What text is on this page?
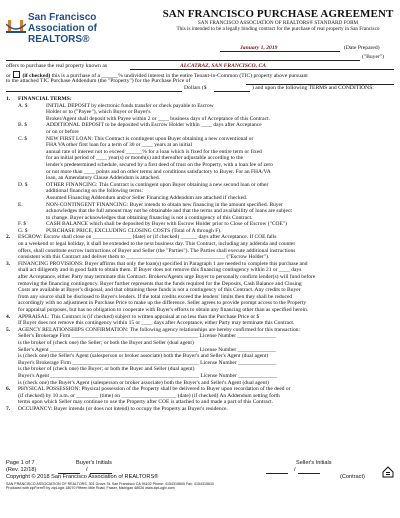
San Francisco
Association of REALTORS®
SAN FRANCISCO PURCHASE AGREEMENT
SAN FRANCISCO ASSOCIATION OF REALTORS® STANDARD FORM
This is intended to be a legally binding contract for the purchase of real property in San Francisco
January 1, 2019	(Date Prepared)
("Buyer")
offers to purchase the real property known as	ALCATRAZ, SAN FRANCISCO, CA
or (if checked) this is a purchase of a ______% undivided interest in the entire Tenant-in-Common (TIC) property above pursuant
to the attached TIC Purchase Addendum (the "Property") for the Purchase Price of
Dollars ($	) and upon the following TERMS and CONDITIONS:
1.	FINANCIAL TERMS:
A. $	INITIAL DEPOSIT by electronic funds transfer or check payable to Escrow
Holder or to ("Payee"), which Buyer or Buyer's
Broker/Agent shall deposit with Payee within 2 or ____ business days of Acceptance of this Contract.
B. $	ADDITIONAL DEPOSIT to be deposited with Escrow Holder within ____ days after Acceptance
or on or before
C. $	NEW FIRST LOAN: This Contract is contingent upon Buyer obtaining a new conventional or
FHA VA other first loan for a term of 30 or ____ years at an initial
annual rate of interest not to exceed ______% for a loan which is fixed for the entire term or fixed
for an initial period of ____ year(s) or month(s) and thereafter adjustable according to the
lender's predetermined schedule, secured by a first deed of trust on the Property, with a loan fee of zero
or not more than ____ points and on other terms and conditions satisfactory to Buyer. For an FHA/VA
loan, an Amendatory Clause Addendum is attached.
D. $	OTHER FINANCING: This Contract is contingent upon Buyer obtaining a new second loan or other
additional financing on the following terms:
Assumed Financing Addendum and/or Seller Financing Addendum are attached if checked.
E.	NON-CONTINGENT FINANCING: Buyer intends to obtain new financing in the amount specified. Buyer
acknowledges that the full amount may not be obtainable and that the terms and availability of loans are subject
to change. Buyer acknowledges that obtaining financing is not a contingency of this Contract.
F. $	CASH BALANCE which shall be deposited by Buyer with Escrow Holder prior to Close of Escrow ("COE")
G. $	PURCHASE PRICE, EXCLUDING CLOSING COSTS (Total of A through F).
2.	ESCROW: Escrow shall close on ______________ (date) or (if checked) ______ days after Acceptance. If COE falls
on a weekend or legal holiday, it shall be extended to the next business day. This Contract, including any addenda and counter
offers, shall constitute escrow instructions of Buyer and Seller (the "Parties"). The Parties shall execute additional instructions
consistent with this Contract and deliver them to ____________________________________ ("Escrow Holder").
3.	FINANCING PROVISIONS: Buyer affirms that only the loan(s) specified in Paragraph 1 are needed to complete this purchase and
shall act diligently and in good faith to obtain them. If Buyer does not remove this financing contingency within 21 or ____ days
after Acceptance, either Party may terminate this Contract. Brokers/Agents urge Buyer to personally confirm lender(s) will fund before
removing the financing contingency. Buyer further represents that the funds required for the Deposits, Cash Balance and Closing
Costs are available at Buyer's disposal, and that obtaining these funds is not a contingency of this Contract. Any credits to Buyer
from any source shall be disclosed to Buyer's lenders. If the total credits exceed the lenders' limits then they shall be reduced
accordingly with no adjustment in Purchase Price to make up the difference. Seller agrees to provide prompt access to the Property
for appraisal purposes, but has no obligation to cooperate with Buyer's efforts to obtain any financing other than as specified herein.
4.	APPRAISAL: This Contract is (if checked) subject to written appraisal at no less than the Purchase Price or $
If Buyer does not remove this contingency within 15 or ____ days after Acceptance, either Party may terminate this Contract.
5.	AGENCY RELATIONSHIPS CONFIRMATION: The following agency relationships are hereby confirmed for this transaction:
Seller's Brokerage Firm ______________________________________________ License Number ______________
is the broker of (check one) the Seller; or both the Buyer and Seller (dual agent)
Seller's Agent ______________________________________________________ License Number ______________
is (check one) the Seller's Agent (salesperson or broker associate) both the Buyer's and Seller's Agent (dual agent)
Buyer's Brokerage Firm ______________________________________________ License Number ______________
is the broker of (check one) the Buyer; or both the Buyer and Seller (dual agent)
Buyer's Agent ______________________________________________________ License Number ______________
is (check one) the Buyer's Agent (salesperson or broker associate) both the Buyer's and Seller's Agent (dual agent)
6.	PHYSICAL POSSESSION: Physical possession of the Property shall be delivered to Buyer upon recordation of the deed or
(if checked) by 10 a.m. or ________ (time) on ____________________ (date) (if checked) An Addendum setting forth
terms upon which Seller may continue to use the Property after COE is attached to and made a part of this Contract.
7.	OCCUPANCY: Buyer intends (or does not intend) to occupy the Property as Buyer's residence.
Page 1 of 7	Buyer's Initials	Seller's Initials
(Rev. 12/18)	/	/
Copyright © 2018 San Francisco Association of REALTORS®	(Contract)
SAN FRANCISCO ASSOCIATION OF REALTORS, 301 Grove St. San Francisco CA 94102 Phone: 4154315600 Fax: 4154315610
Produced with zipForm® by zipLogix 18070 Fifteen Mile Road, Fraser, Michigan 48026 www.zipLogix.com
